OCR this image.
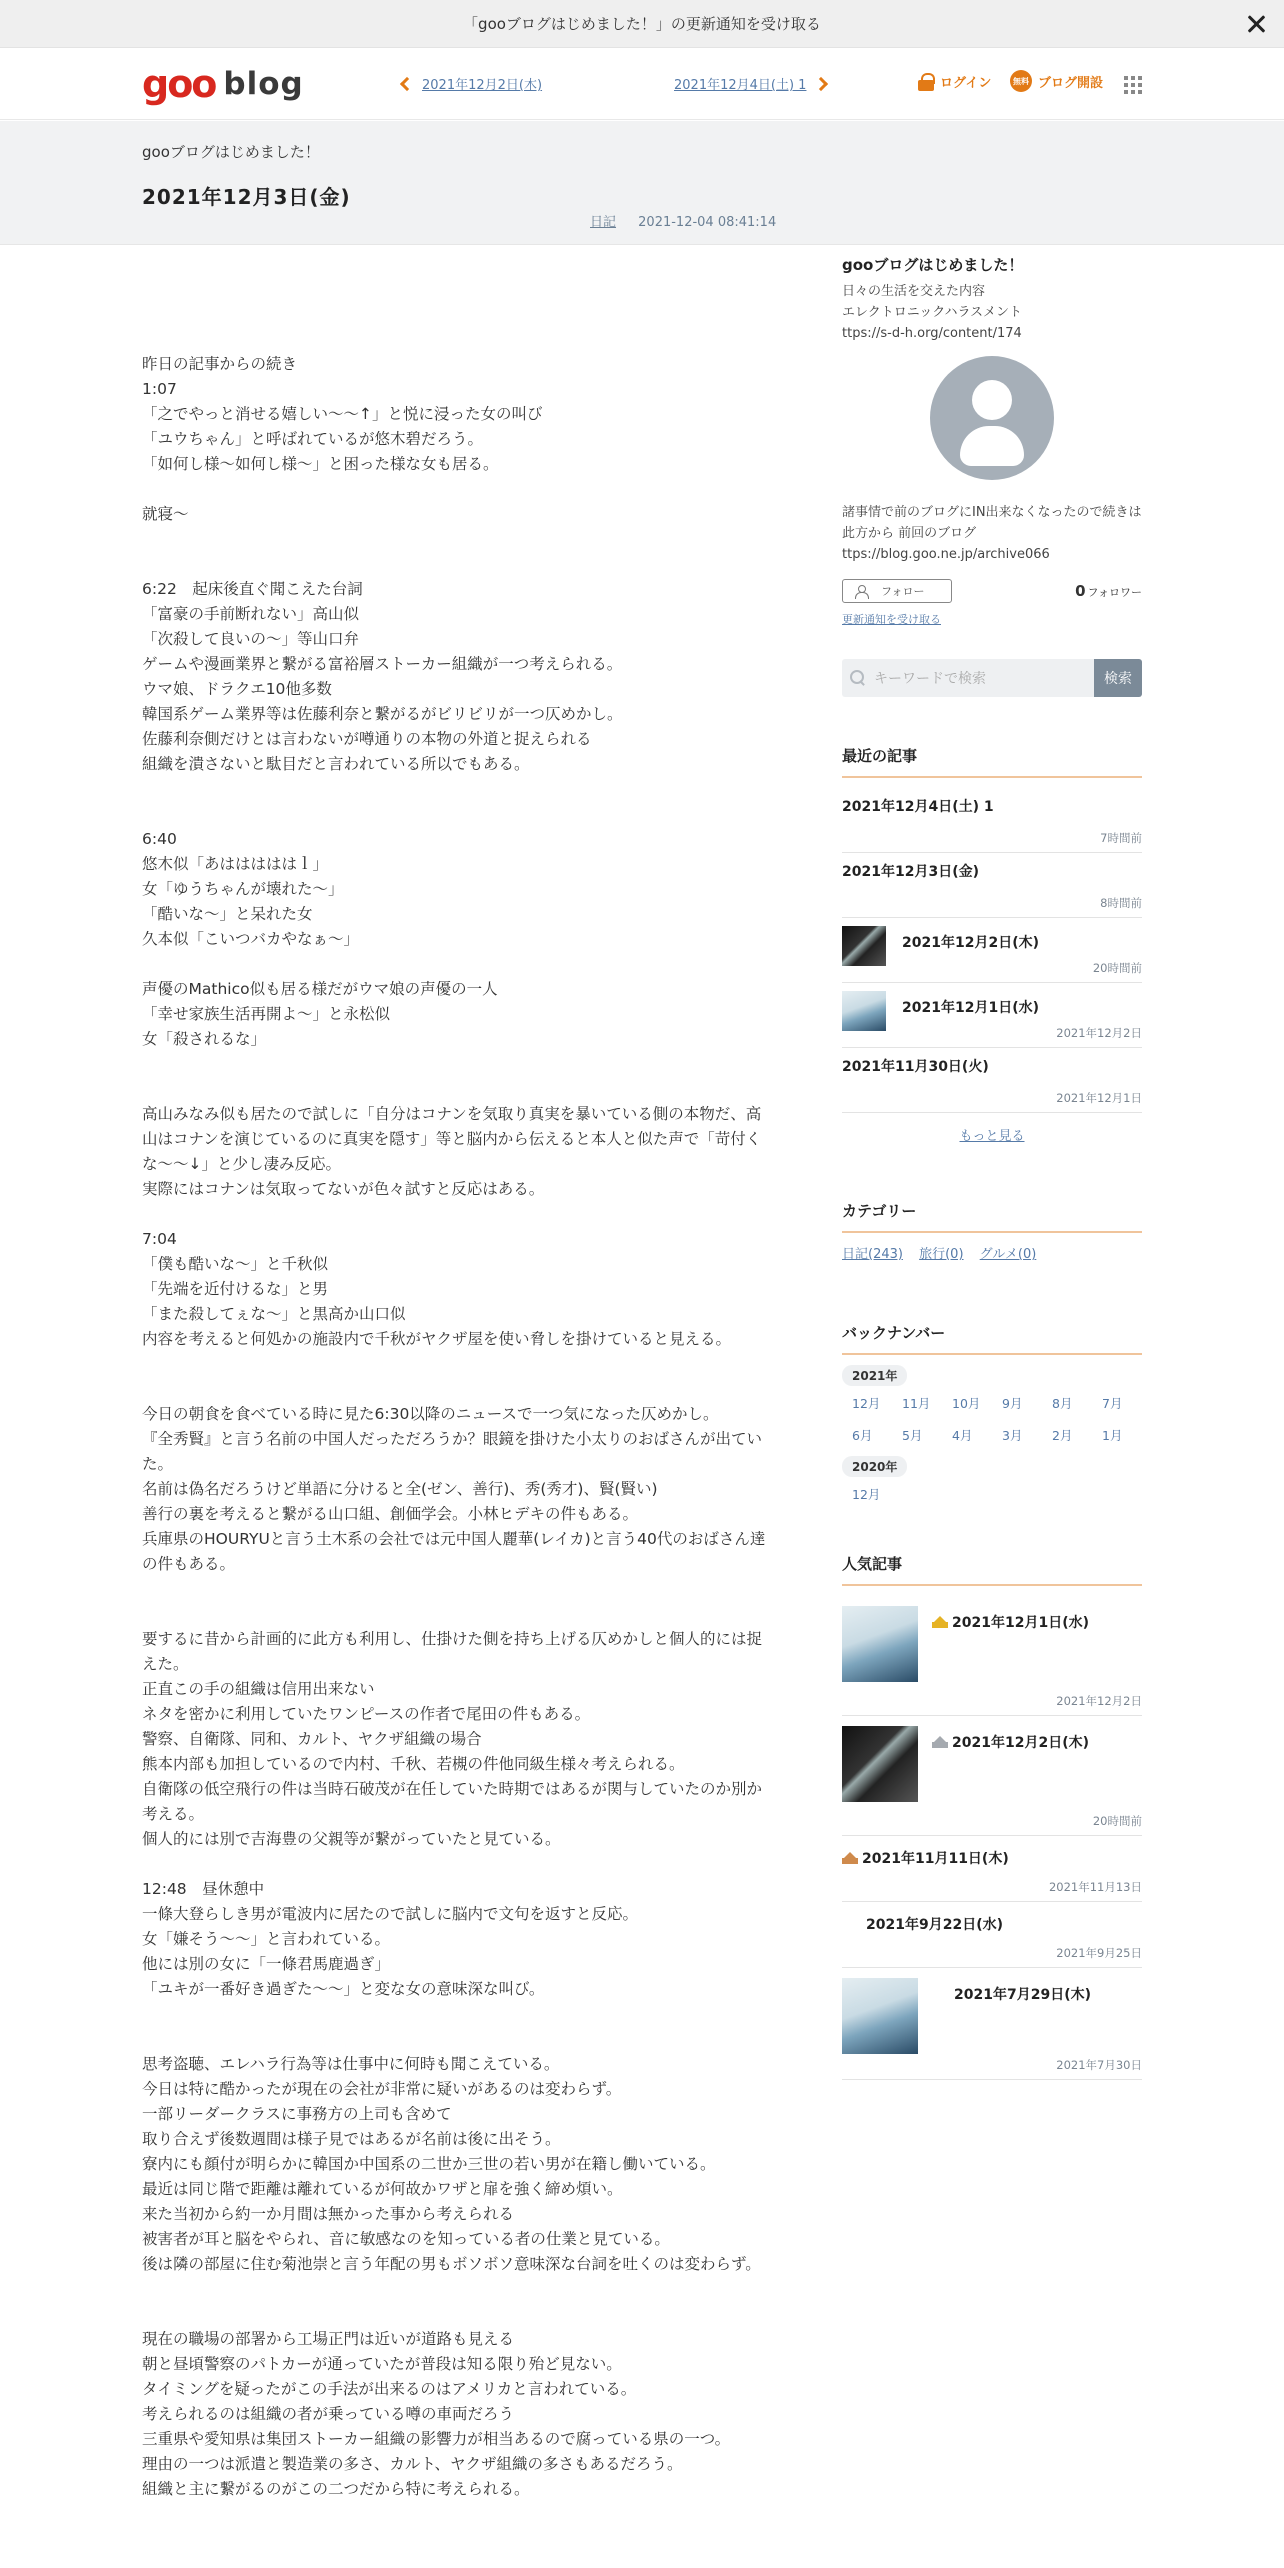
「gooブログはじめました！」の更新通知を受け取る
goo blog	2021年12月2日(木)	2021年12月4日(土) 1	ログイン	無料 ブログ開設
gooブログはじめました！
2021年12月3日(金)
日記 2021-12-04 08:41:14

昨日の記事からの続き
1:07
「之でやっと消せる嬉しい～～↑」と悦に浸った女の叫び
「ユウちゃん」と呼ばれているが悠木碧だろう。
「如何し様～如何し様～」と困った様な女も居る。

就寝～

6:22　起床後直ぐ聞こえた台詞
「富豪の手前断れない」高山似
「次殺して良いの～」等山口弁
ゲームや漫画業界と繋がる富裕層ストーカー組織が一つ考えられる。
ウマ娘、ドラクエ10他多数
韓国系ゲーム業界等は佐藤利奈と繋がるがビリビリが一つ仄めかし。
佐藤利奈側だけとは言わないが噂通りの本物の外道と捉えられる
組織を潰さないと駄目だと言われている所以でもある。

6:40
悠木似「あはははははｌ」
女「ゆうちゃんが壊れた～」
「酷いな～」と呆れた女
久本似「こいつバカやなぁ～」

声優のMathico似も居る様だがウマ娘の声優の一人
「幸せ家族生活再開よ～」と永松似
女「殺されるな」

高山みなみ似も居たので試しに「自分はコナンを気取り真実を暴いている側の本物だ、高山はコナンを演じているのに真実を隠す」等と脳内から伝えると本人と似た声で「苛付くな～～↓」と少し凄み反応。
実際にはコナンは気取ってないが色々試すと反応はある。

7:04
「僕も酷いな～」と千秋似
「先端を近付けるな」と男
「また殺してぇな～」と黒高か山口似
内容を考えると何処かの施設内で千秋がヤクザ屋を使い脅しを掛けていると見える。

今日の朝食を食べている時に見た6:30以降のニュースで一つ気になった仄めかし。
『全秀賢』と言う名前の中国人だっただろうか？眼鏡を掛けた小太りのおばさんが出ていた。
名前は偽名だろうけど単語に分けると全(ゼン、善行)、秀(秀才)、賢(賢い)
善行の裏を考えると繋がる山口組、創価学会。小林ヒデキの件もある。
兵庫県のHOURYUと言う土木系の会社では元中国人麗華(レイカ)と言う40代のおばさん達の件もある。

要するに昔から計画的に此方も利用し、仕掛けた側を持ち上げる仄めかしと個人的には捉えた。
正直この手の組織は信用出来ない
ネタを密かに利用していたワンピースの作者で尾田の件もある。
警察、自衛隊、同和、カルト、ヤクザ組織の場合
熊本内部も加担しているので内村、千秋、若槻の件他同級生様々考えられる。
自衛隊の低空飛行の件は当時石破茂が在任していた時期ではあるが関与していたのか別か考える。
個人的には別で吉海豊の父親等が繋がっていたと見ている。

12:48　昼休憩中
一條大登らしき男が電波内に居たので試しに脳内で文句を返すと反応。
女「嫌そう～～」と言われている。
他には別の女に「一條君馬鹿過ぎ」
「ユキが一番好き過ぎた～～」と変な女の意味深な叫び。

思考盗聴、エレハラ行為等は仕事中に何時も聞こえている。
今日は特に酷かったが現在の会社が非常に疑いがあるのは変わらず。
一部リーダークラスに事務方の上司も含めて
取り合えず後数週間は様子見ではあるが名前は後に出そう。
寮内にも顔付が明らかに韓国か中国系の二世か三世の若い男が在籍し働いている。
最近は同じ階で距離は離れているが何故かワザと扉を強く締め煩い。
来た当初から約一か月間は無かった事から考えられる
被害者が耳と脳をやられ、音に敏感なのを知っている者の仕業と見ている。
後は隣の部屋に住む菊池崇と言う年配の男もボソボソ意味深な台詞を吐くのは変わらず。

現在の職場の部署から工場正門は近いが道路も見える
朝と昼頃警察のパトカーが通っていたが普段は知る限り殆ど見ない。
タイミングを疑ったがこの手法が出来るのはアメリカと言われている。
考えられるのは組織の者が乗っている噂の車両だろう
三重県や愛知県は集団ストーカー組織の影響力が相当あるので腐っている県の一つ。
理由の一つは派遣と製造業の多さ、カルト、ヤクザ組織の多さもあるだろう。
組織と主に繋がるのがこの二つだから特に考えられる。

gooブログはじめました！
日々の生活を交えた内容
エレクトロニックハラスメント
ttps://s-d-h.org/content/174
諸事情で前のブログにIN出来なくなったので続きは此方から 前回のブログ ttps://blog.goo.ne.jp/archive066
フォロー	0 フォロワー
更新通知を受け取る
キーワードで検索	検索
最近の記事
2021年12月4日(土) 1
7時間前
2021年12月3日(金)
8時間前
2021年12月2日(木)
20時間前
2021年12月1日(水)
2021年12月2日
2021年11月30日(火)
2021年12月1日
もっと見る
カテゴリー
日記(243) 旅行(0) グルメ(0)
バックナンバー
2021年
12月	11月	10月	9月	8月	7月
6月	5月	4月	3月	2月	1月
2020年
12月
人気記事
2021年12月1日(水)
2021年12月2日
2021年12月2日(木)
20時間前
2021年11月11日(木)
2021年11月13日
2021年9月22日(水)
2021年9月25日
2021年7月29日(木)
2021年7月30日
